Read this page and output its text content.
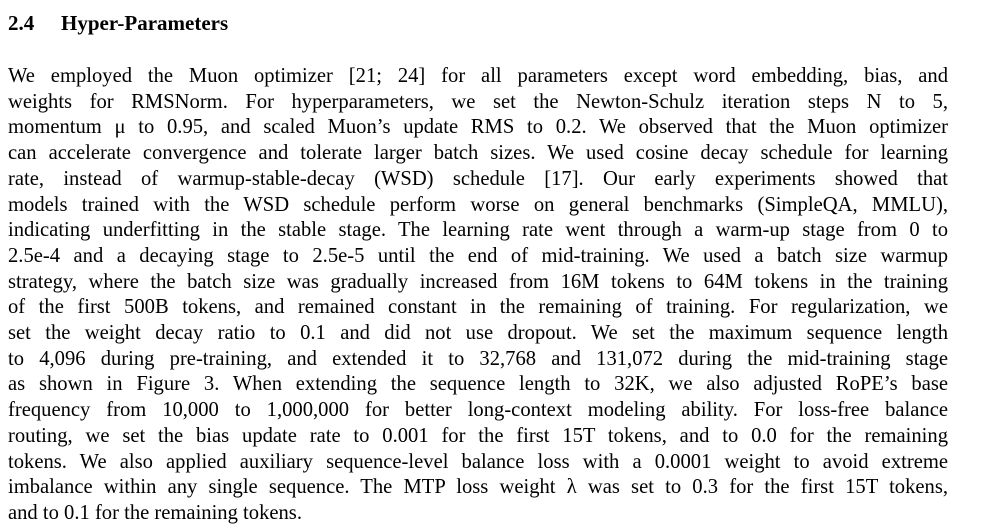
2.4 Hyper-Parameters
We employed the Muon optimizer [21; 24] for all parameters except word embedding, bias, and
weights for RMSNorm. For hyperparameters, we set the Newton-Schulz iteration steps N to 5,
momentum μ to 0.95, and scaled Muon’s update RMS to 0.2. We observed that the Muon optimizer
can accelerate convergence and tolerate larger batch sizes. We used cosine decay schedule for learning
rate, instead of warmup-stable-decay (WSD) schedule [17]. Our early experiments showed that
models trained with the WSD schedule perform worse on general benchmarks (SimpleQA, MMLU),
indicating underfitting in the stable stage. The learning rate went through a warm-up stage from 0 to
2.5e-4 and a decaying stage to 2.5e-5 until the end of mid-training. We used a batch size warmup
strategy, where the batch size was gradually increased from 16M tokens to 64M tokens in the training
of the first 500B tokens, and remained constant in the remaining of training. For regularization, we
set the weight decay ratio to 0.1 and did not use dropout. We set the maximum sequence length
to 4,096 during pre-training, and extended it to 32,768 and 131,072 during the mid-training stage
as shown in Figure 3. When extending the sequence length to 32K, we also adjusted RoPE’s base
frequency from 10,000 to 1,000,000 for better long-context modeling ability. For loss-free balance
routing, we set the bias update rate to 0.001 for the first 15T tokens, and to 0.0 for the remaining
tokens. We also applied auxiliary sequence-level balance loss with a 0.0001 weight to avoid extreme
imbalance within any single sequence. The MTP loss weight λ was set to 0.3 for the first 15T tokens,
and to 0.1 for the remaining tokens.
